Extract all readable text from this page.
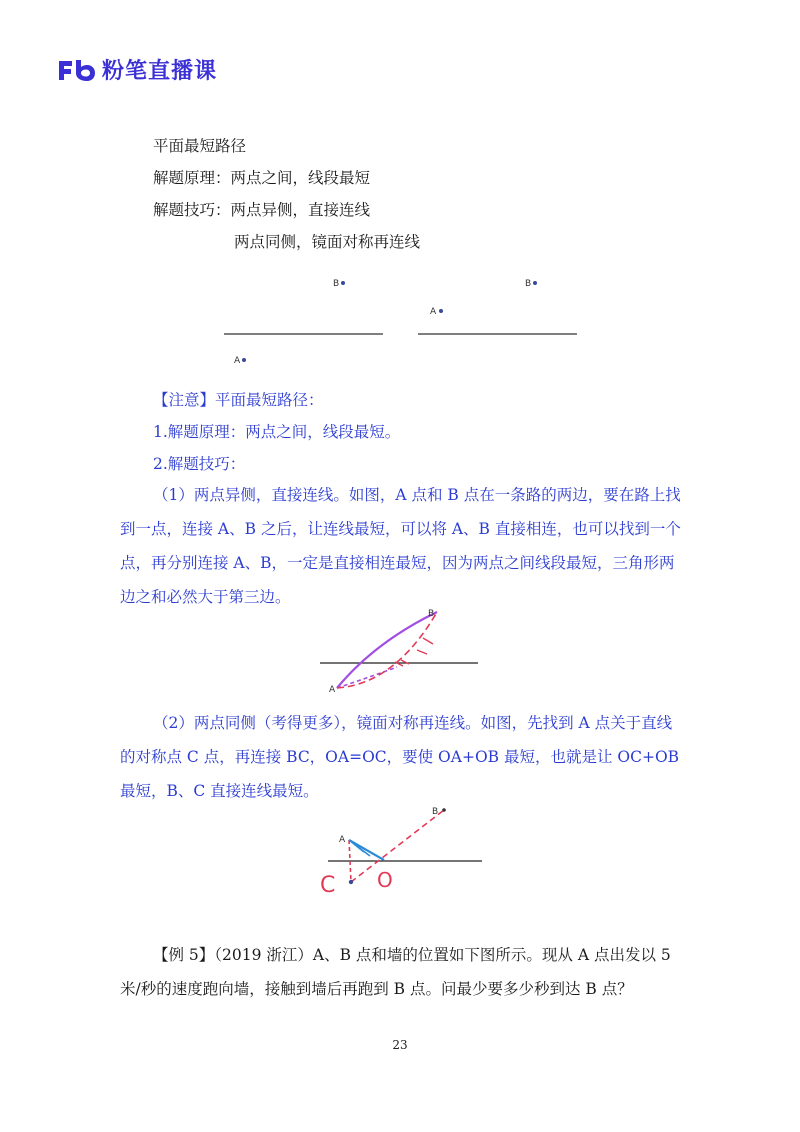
粉笔直播课
平面最短路径
解题原理：两点之间，线段最短
解题技巧：两点异侧，直接连线
两点同侧，镜面对称再连线
B
A
B
A
【注意】平面最短路径：
1.解题原理：两点之间，线段最短。
2.解题技巧：
（1）两点异侧，直接连线。如图，A 点和 B 点在一条路的两边，要在路上找到一点，连接 A、B 之后，让连线最短，可以将 A、B 直接相连，也可以找到一个点，再分别连接 A、B，一定是直接相连最短，因为两点之间线段最短，三角形两边之和必然大于第三边。
B
A
（2）两点同侧（考得更多），镜面对称再连线。如图，先找到 A 点关于直线的对称点 C 点，再连接 BC，OA=OC，要使 OA+OB 最短，也就是让 OC+OB 最短，B、C 直接连线最短。
B
A
C O
【例 5】（2019 浙江）A、B 点和墙的位置如下图所示。现从 A 点出发以 5 米/秒的速度跑向墙，接触到墙后再跑到 B 点。问最少要多少秒到达 B 点？
23
